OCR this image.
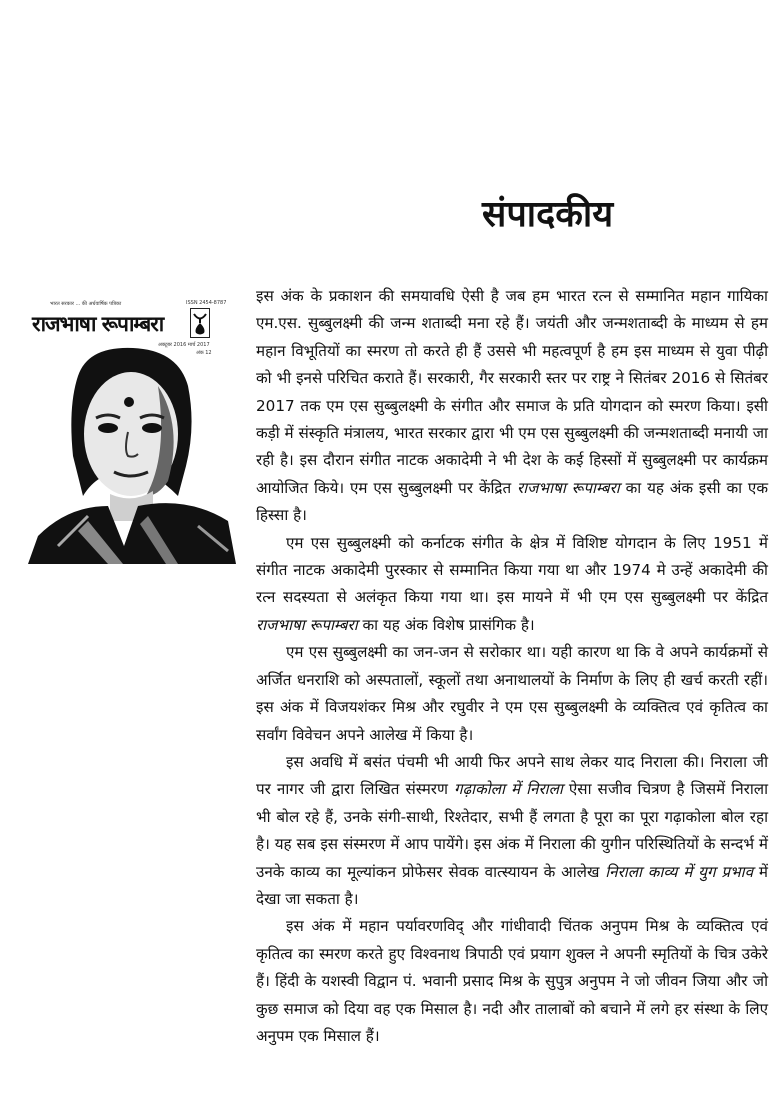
संपादकीय
भारत सरकार ... की अर्धवार्षिक पत्रिका
राजभाषा रूपाम्बरा
ISSN 2454-8787
अक्टूबर 2016 मार्च 2017
अंक 12

इस अंक के प्रकाशन की समयावधि ऐसी है जब हम भारत रत्न से सम्मानित महान गायिका एम.एस. सुब्बुलक्ष्मी की जन्म शताब्दी मना रहे हैं। जयंती और जन्मशताब्दी के माध्यम से हम महान विभूतियों का स्मरण तो करते ही हैं उससे भी महत्वपूर्ण है हम इस माध्यम से युवा पीढ़ी को भी इनसे परिचित कराते हैं। सरकारी, गैर सरकारी स्तर पर राष्ट्र ने सितंबर 2016 से सितंबर 2017 तक एम एस सुब्बुलक्ष्मी के संगीत और समाज के प्रति योगदान को स्मरण किया। इसी कड़ी में संस्कृति मंत्रालय, भारत सरकार द्वारा भी एम एस सुब्बुलक्ष्मी की जन्मशताब्दी मनायी जा रही है। इस दौरान संगीत नाटक अकादेमी ने भी देश के कई हिस्सों में सुब्बुलक्ष्मी पर कार्यक्रम आयोजित किये। एम एस सुब्बुलक्ष्मी पर केंद्रित राजभाषा रूपाम्बरा का यह अंक इसी का एक हिस्सा है।

एम एस सुब्बुलक्ष्मी को कर्नाटक संगीत के क्षेत्र में विशिष्ट योगदान के लिए 1951 में संगीत नाटक अकादेमी पुरस्कार से सम्मानित किया गया था और 1974 मे उन्हें अकादेमी की रत्न सदस्यता से अलंकृत किया गया था। इस मायने में भी एम एस सुब्बुलक्ष्मी पर केंद्रित राजभाषा रूपाम्बरा का यह अंक विशेष प्रासंगिक है।

एम एस सुब्बुलक्ष्मी का जन-जन से सरोकार था। यही कारण था कि वे अपने कार्यक्रमों से अर्जित धनराशि को अस्पतालों, स्कूलों तथा अनाथालयों के निर्माण के लिए ही खर्च करती रहीं। इस अंक में विजयशंकर मिश्र और रघुवीर ने एम एस सुब्बुलक्ष्मी के व्यक्तित्व एवं कृतित्व का सर्वांग विवेचन अपने आलेख में किया है।

इस अवधि में बसंत पंचमी भी आयी फिर अपने साथ लेकर याद निराला की। निराला जी पर नागर जी द्वारा लिखित संस्मरण गढ़ाकोला में निराला ऐसा सजीव चित्रण है जिसमें निराला भी बोल रहे हैं, उनके संगी-साथी, रिश्तेदार, सभी हैं लगता है पूरा का पूरा गढ़ाकोला बोल रहा है। यह सब इस संस्मरण में आप पायेंगे। इस अंक में निराला की युगीन परिस्थितियों के सन्दर्भ में उनके काव्य का मूल्यांकन प्रोफेसर सेवक वात्स्यायन के आलेख निराला काव्य में युग प्रभाव में देखा जा सकता है।

इस अंक में महान पर्यावरणविद् और गांधीवादी चिंतक अनुपम मिश्र के व्यक्तित्व एवं कृतित्व का स्मरण करते हुए विश्वनाथ त्रिपाठी एवं प्रयाग शुक्ल ने अपनी स्मृतियों के चित्र उकेरे हैं। हिंदी के यशस्वी विद्वान पं. भवानी प्रसाद मिश्र के सुपुत्र अनुपम ने जो जीवन जिया और जो कुछ समाज को दिया वह एक मिसाल है। नदी और तालाबों को बचाने में लगे हर संस्था के लिए अनुपम एक मिसाल हैं।
